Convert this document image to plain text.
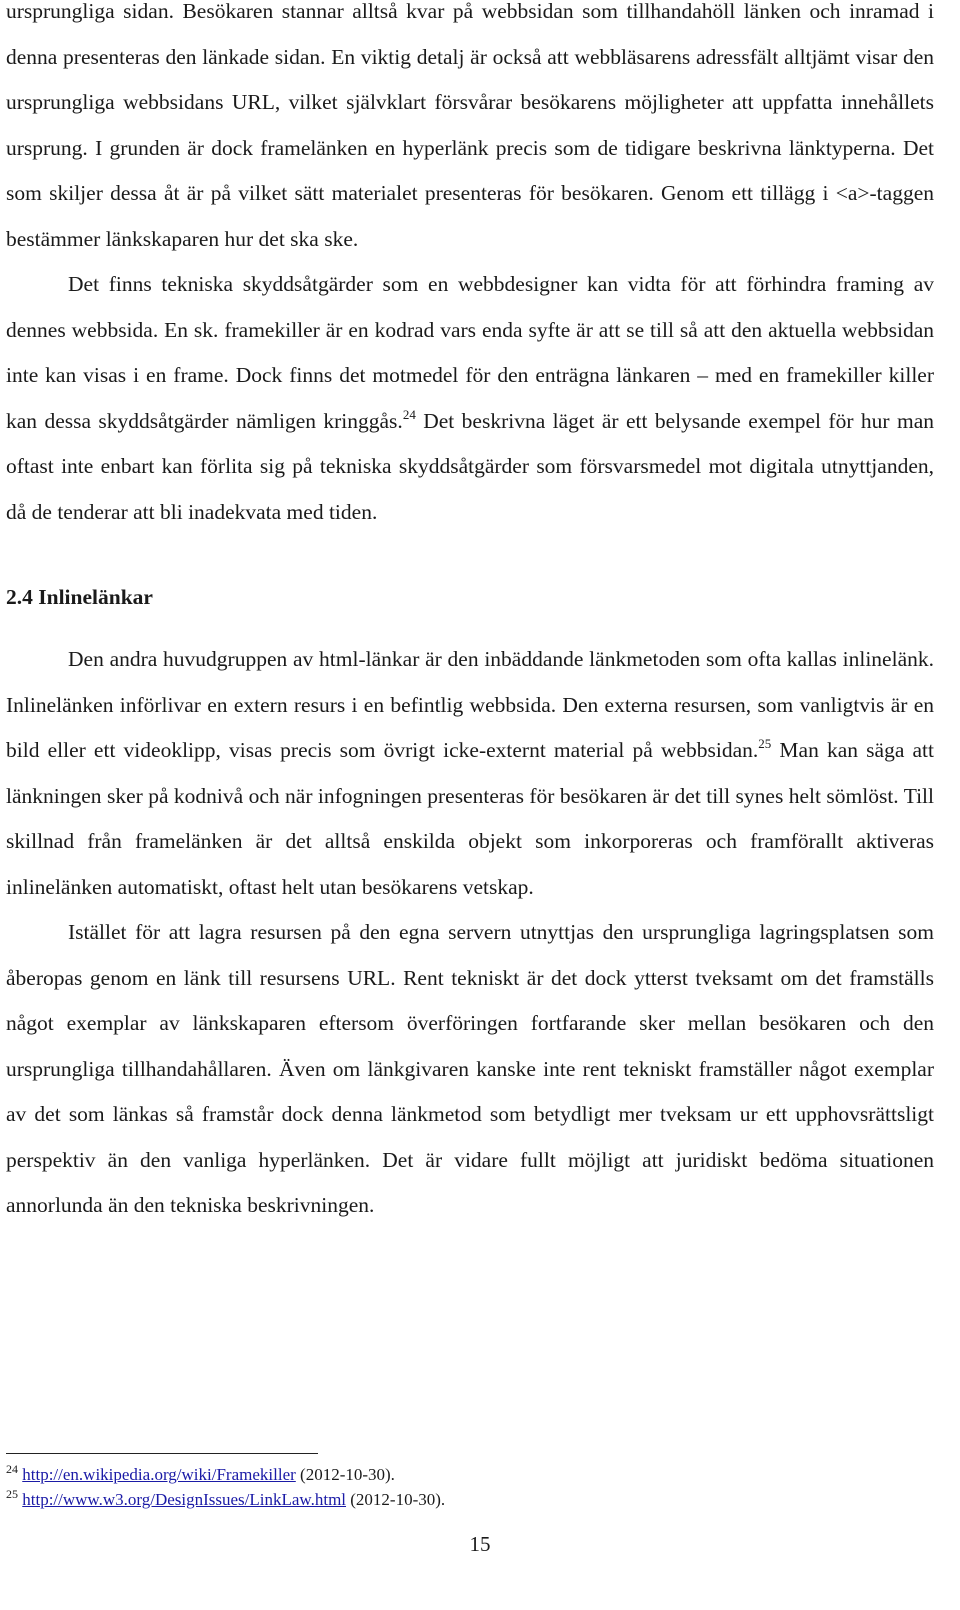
ursprungliga sidan. Besökaren stannar alltså kvar på webbsidan som tillhandahöll länken och inramad i denna presenteras den länkade sidan. En viktig detalj är också att webbläsarens adressfält alltjämt visar den ursprungliga webbsidans URL, vilket självklart försvårar besökarens möjligheter att uppfatta innehållets ursprung. I grunden är dock framelänken en hyperlänk precis som de tidigare beskrivna länktyperna. Det som skiljer dessa åt är på vilket sätt materialet presenteras för besökaren. Genom ett tillägg i <a>-taggen bestämmer länkskaparen hur det ska ske.

Det finns tekniska skyddsåtgärder som en webbdesigner kan vidta för att förhindra framing av dennes webbsida. En sk. framekiller är en kodrad vars enda syfte är att se till så att den aktuella webbsidan inte kan visas i en frame. Dock finns det motmedel för den enträgna länkaren – med en framekiller killer kan dessa skyddsåtgärder nämligen kringgås.$^{24}$ Det beskrivna läget är ett belysande exempel för hur man oftast inte enbart kan förlita sig på tekniska skyddsåtgärder som försvarsmedel mot digitala utnyttjanden, då de tenderar att bli inadekvata med tiden.

2.4 Inlinelänkar

Den andra huvudgruppen av html-länkar är den inbäddande länkmetoden som ofta kallas inlinelänk. Inlinelänken införlivar en extern resurs i en befintlig webbsida. Den externa resursen, som vanligtvis är en bild eller ett videoklipp, visas precis som övrigt icke-externt material på webbsidan.$^{25}$ Man kan säga att länkningen sker på kodnivå och när infogningen presenteras för besökaren är det till synes helt sömlöst. Till skillnad från framelänken är det alltså enskilda objekt som inkorporeras och framförallt aktiveras inlinelänken automatiskt, oftast helt utan besökarens vetskap.

Istället för att lagra resursen på den egna servern utnyttjas den ursprungliga lagringsplatsen som åberopas genom en länk till resursens URL. Rent tekniskt är det dock ytterst tveksamt om det framställs något exemplar av länkskaparen eftersom överföringen fortfarande sker mellan besökaren och den ursprungliga tillhandahållaren. Även om länkgivaren kanske inte rent tekniskt framställer något exemplar av det som länkas så framstår dock denna länkmetod som betydligt mer tveksam ur ett upphovsrättsligt perspektiv än den vanliga hyperlänken. Det är vidare fullt möjligt att juridiskt bedöma situationen annorlunda än den tekniska beskrivningen.

$^{24}$ http://en.wikipedia.org/wiki/Framekiller (2012-10-30).
$^{25}$ http://www.w3.org/DesignIssues/LinkLaw.html (2012-10-30).
15
